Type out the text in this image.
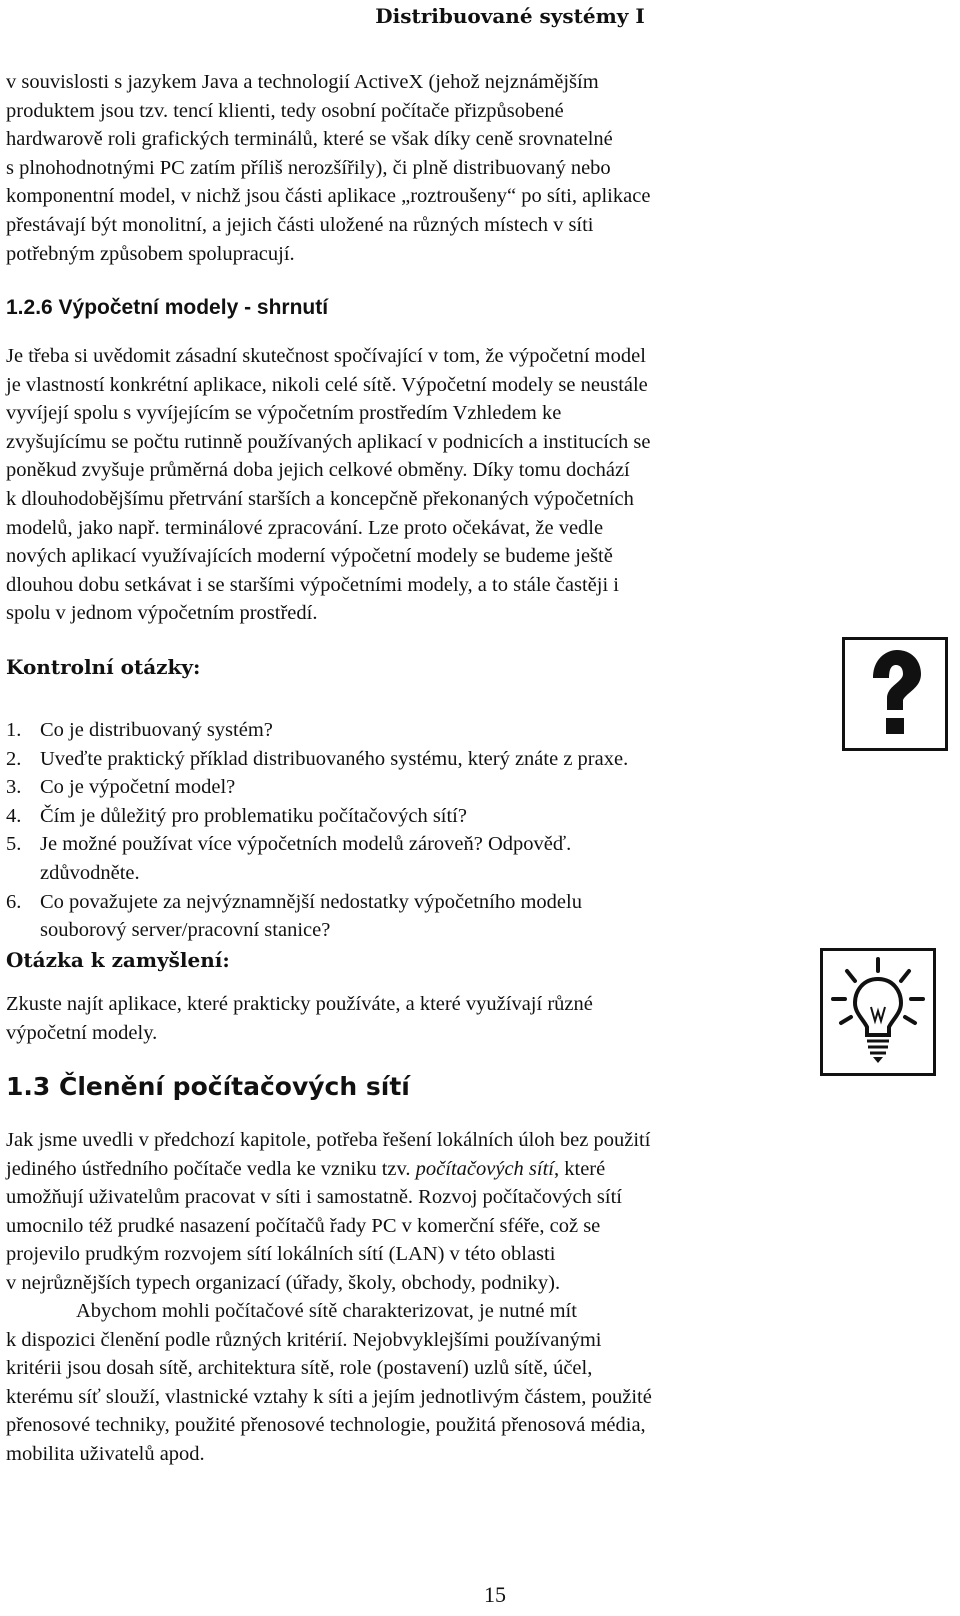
Distribuované systémy I

v souvislosti s jazykem Java a technologií ActiveX (jehož nejznámějším
produktem jsou tzv. tencí klienti, tedy osobní počítače přizpůsobené
hardwarově roli grafických terminálů, které se však díky ceně srovnatelné
s plnohodnotnými PC zatím příliš nerozšířily), či plně distribuovaný nebo
komponentní model, v nichž jsou části aplikace „roztroušeny“ po síti, aplikace
přestávají být monolitní, a jejich části uložené na různých místech v síti
potřebným způsobem spolupracují.

1.2.6 Výpočetní modely - shrnutí

Je třeba si uvědomit zásadní skutečnost spočívající v tom, že výpočetní model
je vlastností konkrétní aplikace, nikoli celé sítě. Výpočetní modely se neustále
vyvíjejí spolu s vyvíjejícím se výpočetním prostředím Vzhledem ke
zvyšujícímu se počtu rutinně používaných aplikací v podnicích a institucích se
poněkud zvyšuje průměrná doba jejich celkové obměny. Díky tomu dochází
k dlouhodobějšímu přetrvání starších a koncepčně překonaných výpočetních
modelů, jako např. terminálové zpracování. Lze proto očekávat, že vedle
nových aplikací využívajících moderní výpočetní modely se budeme ještě
dlouhou dobu setkávat i se staršími výpočetními modely, a to stále častěji i
spolu v jednom výpočetním prostředí.

Kontrolní otázky:
1. Co je distribuovaný systém?
2. Uveďte praktický příklad distribuovaného systému, který znáte z praxe.
3. Co je výpočetní model?
4. Čím je důležitý pro problematiku počítačových sítí?
5. Je možné používat více výpočetních modelů zároveň? Odpověď.
zdůvodněte.
6. Co považujete za nejvýznamnější nedostatky výpočetního modelu
souborový server/pracovní stanice?
Otázka k zamyšlení:

Zkuste najít aplikace, které prakticky používáte, a které využívají různé
výpočetní modely.

1.3 Členění počítačových sítí

Jak jsme uvedli v předchozí kapitole, potřeba řešení lokálních úloh bez použití
jediného ústředního počítače vedla ke vzniku tzv. počítačových sítí, které
umožňují uživatelům pracovat v síti i samostatně. Rozvoj počítačových sítí
umocnilo též prudké nasazení počítačů řady PC v komerční sféře, což se
projevilo prudkým rozvojem sítí lokálních sítí (LAN) v této oblasti
v nejrůznějších typech organizací (úřady, školy, obchody, podniky).

Abychom mohli počítačové sítě charakterizovat, je nutné mít
k dispozici členění podle různých kritérií. Nejobvyklejšími používanými
kritérii jsou dosah sítě, architektura sítě, role (postavení) uzlů sítě, účel,
kterému síť slouží, vlastnické vztahy k síti a jejím jednotlivým částem, použité
přenosové techniky, použité přenosové technologie, použitá přenosová média,
mobilita uživatelů apod.

15
